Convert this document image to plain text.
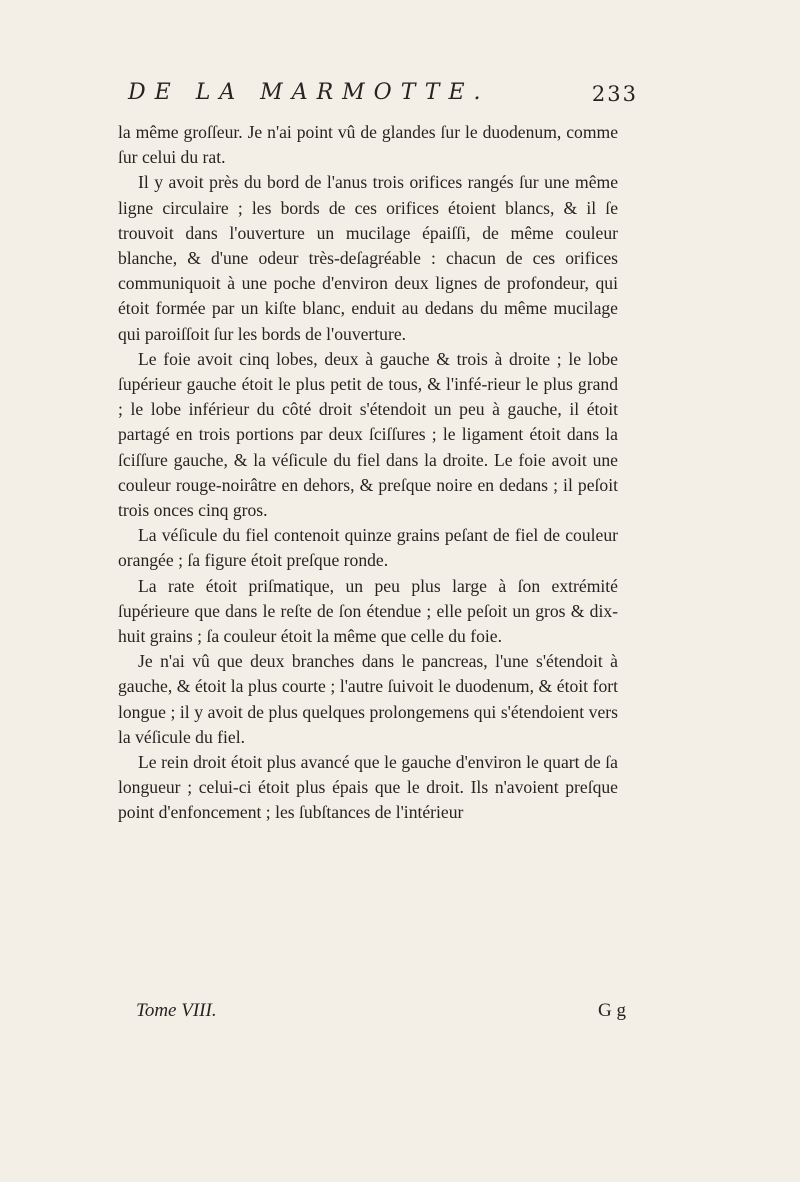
DE LA MARMOTTE.	233

la même groſſeur. Je n'ai point vû de glandes ſur le duodenum, comme ſur celui du rat.

Il y avoit près du bord de l'anus trois orifices rangés ſur une même ligne circulaire ; les bords de ces orifices étoient blancs, & il ſe trouvoit dans l'ouverture un mucilage épaiſſi, de même couleur blanche, & d'une odeur très-deſagréable : chacun de ces orifices communiquoit à une poche d'environ deux lignes de profondeur, qui étoit formée par un kiſte blanc, enduit au dedans du même mucilage qui paroiſſoit ſur les bords de l'ouverture.

Le foie avoit cinq lobes, deux à gauche & trois à droite ; le lobe ſupérieur gauche étoit le plus petit de tous, & l'infé-rieur le plus grand ; le lobe inférieur du côté droit s'étendoit un peu à gauche, il étoit partagé en trois portions par deux ſciſſures ; le ligament étoit dans la ſciſſure gauche, & la véſicule du fiel dans la droite. Le foie avoit une couleur rouge-noirâtre en dehors, & preſque noire en dedans ; il peſoit trois onces cinq gros.

La véſicule du fiel contenoit quinze grains peſant de fiel de couleur orangée ; ſa figure étoit preſque ronde.

La rate étoit priſmatique, un peu plus large à ſon extrémité ſupérieure que dans le reſte de ſon étendue ; elle peſoit un gros & dix-huit grains ; ſa couleur étoit la même que celle du foie.

Je n'ai vû que deux branches dans le pancreas, l'une s'étendoit à gauche, & étoit la plus courte ; l'autre ſuivoit le duodenum, & étoit fort longue ; il y avoit de plus quelques prolongemens qui s'étendoient vers la véſicule du fiel.

Le rein droit étoit plus avancé que le gauche d'environ le quart de ſa longueur ; celui-ci étoit plus épais que le droit. Ils n'avoient preſque point d'enfoncement ; les ſubſtances de l'intérieur

Tome VIII.	G g
